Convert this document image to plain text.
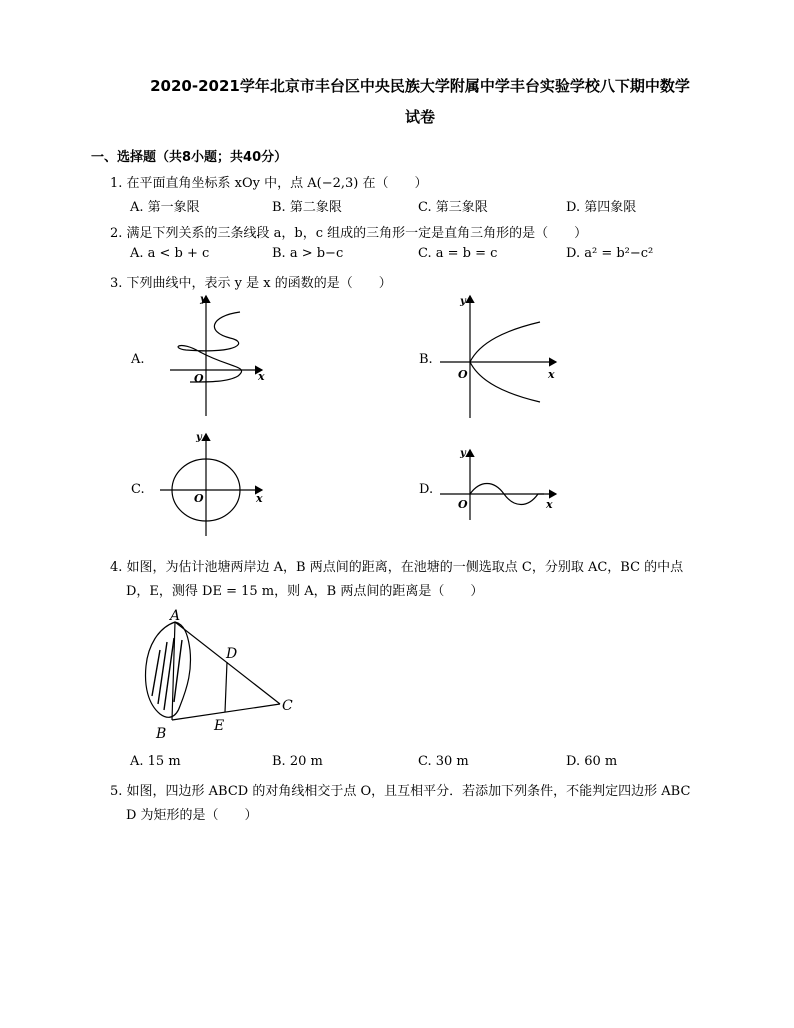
2020-2021学年北京市丰台区中央民族大学附属中学丰台实验学校八下期中数学
试卷
一、选择题（共8小题；共40分）
1. 在平面直角坐标系 xOy 中，点 A(−2,3) 在（　　）
A. 第一象限	B. 第二象限	C. 第三象限	D. 第四象限
2. 满足下列关系的三条线段 a，b，c 组成的三角形一定是直角三角形的是（　　）
A. a < b + c	B. a > b−c	C. a = b = c	D. a² = b²−c²
3. 下列曲线中，表示 y 是 x 的函数的是（　　）
A.	B.
C.	D.
y
x
O
y
x
O
y
x
O
y
x
O
4. 如图，为估计池塘两岸边 A，B 两点间的距离，在池塘的一侧选取点 C，分别取 AC，BC 的中点
D，E，测得 DE = 15 m，则 A，B 两点间的距离是（　　）
A
B
C
D
E
A. 15 m	B. 20 m	C. 30 m	D. 60 m
5. 如图，四边形 ABCD 的对角线相交于点 O，且互相平分．若添加下列条件，不能判定四边形 ABC
D 为矩形的是（　　）
